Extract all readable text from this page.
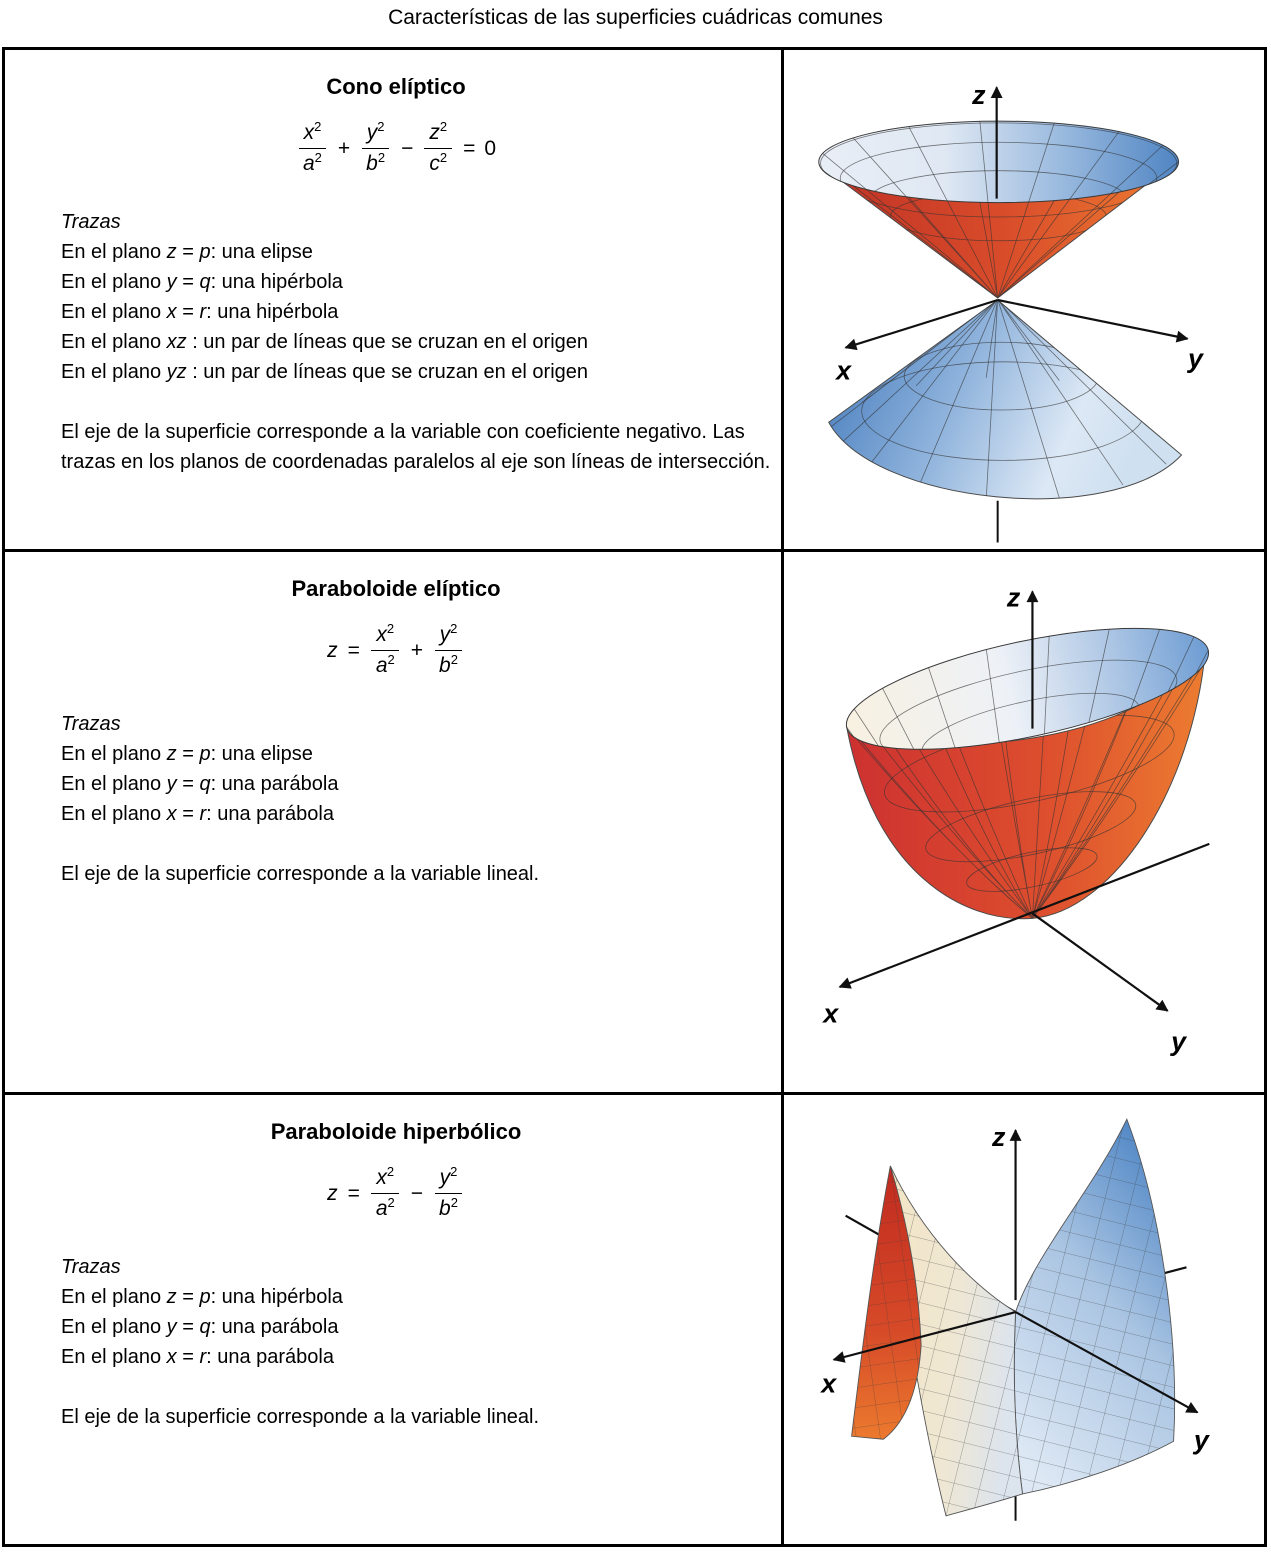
Características de las superficies cuádricas comunes
Cono elíptico
$\frac{x^2}{a^2} + \frac{y^2}{b^2} - \frac{z^2}{c^2} = 0$
Trazas
En el plano z = p: una elipse
En el plano y = q: una hipérbola
En el plano x = r: una hipérbola
En el plano xz : un par de líneas que se cruzan en el origen
En el plano yz : un par de líneas que se cruzan en el origen
El eje de la superficie corresponde a la variable con coeficiente negativo. Las trazas en los planos de coordenadas paralelos al eje son líneas de intersección.
z
x	y
Paraboloide elíptico
$z = \frac{x^2}{a^2} + \frac{y^2}{b^2}$
Trazas
En el plano z = p: una elipse
En el plano y = q: una parábola
En el plano x = r: una parábola
El eje de la superficie corresponde a la variable lineal.
z
x
y
Paraboloide hiperbólico
$z = \frac{x^2}{a^2} - \frac{y^2}{b^2}$
Trazas
En el plano z = p: una hipérbola
En el plano y = q: una parábola
En el plano x = r: una parábola
El eje de la superficie corresponde a la variable lineal.
z
x
y
